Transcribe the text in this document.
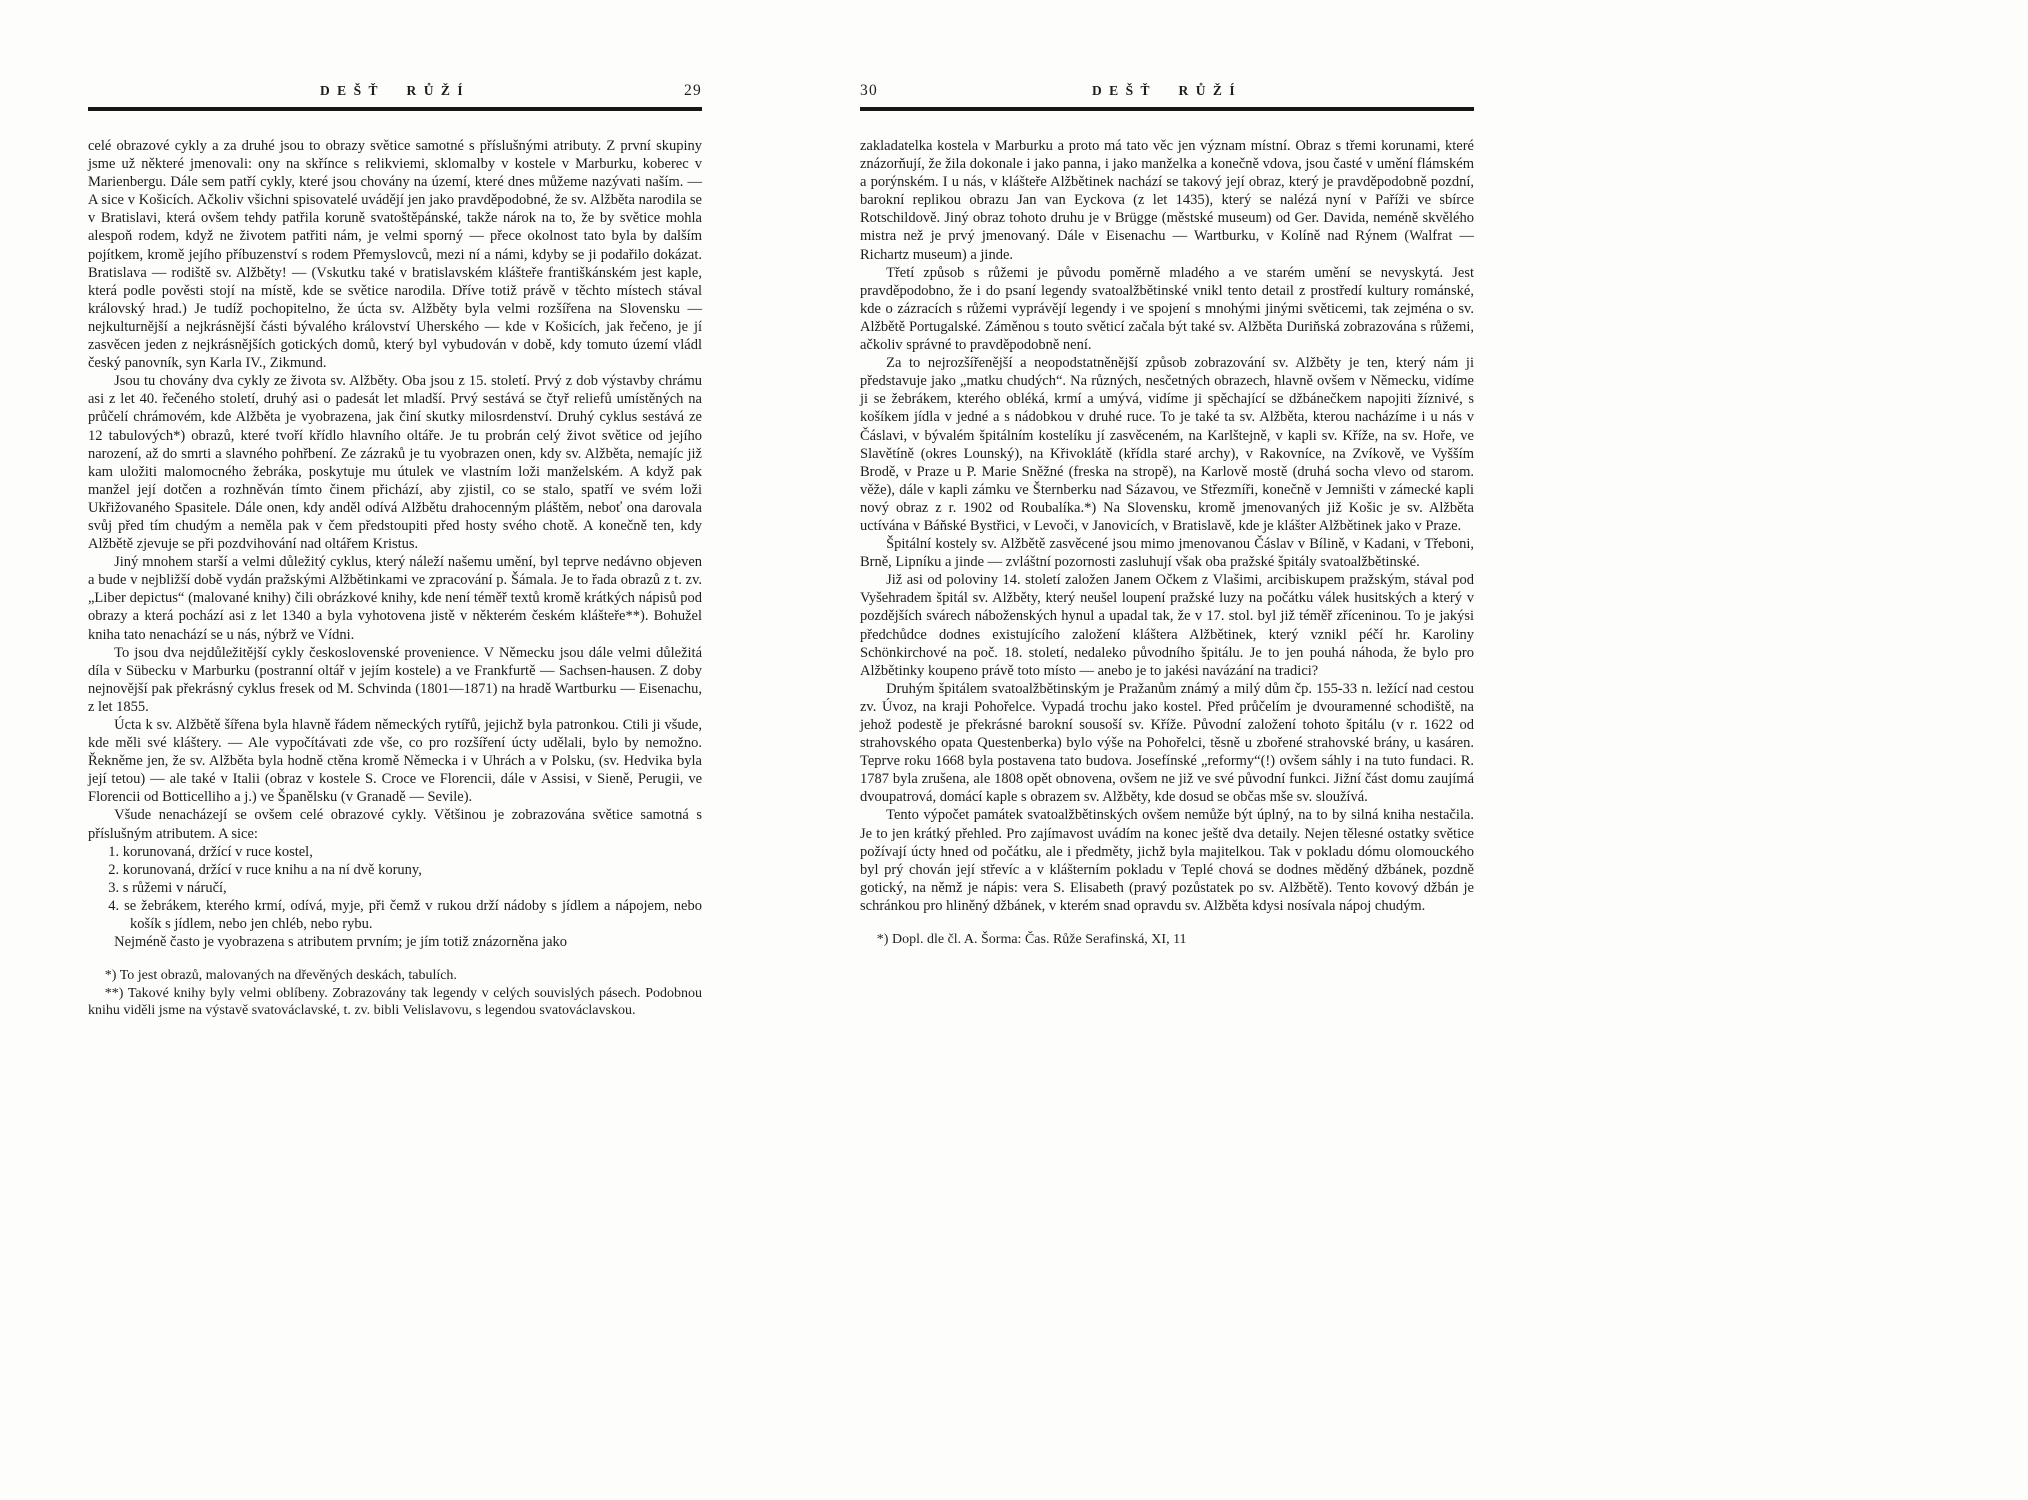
DEŠŤ RŮŽÍ	29

celé obrazové cykly a za druhé jsou to obrazy světice samotné s příslušnými atributy. Z první skupiny jsme už některé jmenovali: ony na skřínce s relikviemi, sklomalby v kostele v Marburku, koberec v Marienbergu. Dále sem patří cykly, které jsou chovány na území, které dnes můžeme nazývati naším. — A sice v Košicích. Ačkoliv všichni spisovatelé uvádějí jen jako pravděpodobné, že sv. Alžběta narodila se v Bratislavi, která ovšem tehdy patřila koruně svatoštěpánské, takže nárok na to, že by světice mohla alespoň rodem, když ne životem patřiti nám, je velmi sporný — přece okolnost tato byla by dalším pojítkem, kromě jejího příbuzenství s rodem Přemyslovců, mezi ní a námi, kdyby se ji podařilo dokázat. Bratislava — rodiště sv. Alžběty! — (Vskutku také v bratislavském klášteře františkánském jest kaple, která podle pověsti stojí na místě, kde se světice narodila. Dříve totiž právě v těchto místech stával královský hrad.) Je tudíž pochopitelno, že úcta sv. Alžběty byla velmi rozšířena na Slovensku — nejkulturnější a nejkrásnější části bývalého království Uherského — kde v Košicích, jak řečeno, je jí zasvěcen jeden z nejkrásnějších gotických domů, který byl vybudován v době, kdy tomuto území vládl český panovník, syn Karla IV., Zikmund.

Jsou tu chovány dva cykly ze života sv. Alžběty. Oba jsou z 15. století. Prvý z dob výstavby chrámu asi z let 40. řečeného století, druhý asi o padesát let mladší. Prvý sestává se čtyř reliefů umístěných na průčelí chrámovém, kde Alžběta je vyobrazena, jak činí skutky milosrdenství. Druhý cyklus sestává ze 12 tabulových*) obrazů, které tvoří křídlo hlavního oltáře. Je tu probrán celý život světice od jejího narození, až do smrti a slavného pohřbení. Ze zázraků je tu vyobrazen onen, kdy sv. Alžběta, nemajíc již kam uložiti malomocného žebráka, poskytuje mu útulek ve vlastním loži manželském. A když pak manžel její dotčen a rozhněván tímto činem přichází, aby zjistil, co se stalo, spatří ve svém loži Ukřižovaného Spasitele. Dále onen, kdy anděl odívá Alžbětu drahocenným pláštěm, neboť ona darovala svůj před tím chudým a neměla pak v čem předstoupiti před hosty svého chotě. A konečně ten, kdy Alžbětě zjevuje se při pozdvihování nad oltářem Kristus.

Jiný mnohem starší a velmi důležitý cyklus, který náleží našemu umění, byl teprve nedávno objeven a bude v nejbližší době vydán pražskými Alžbětinkami ve zpracování p. Šámala. Je to řada obrazů z t. zv. „Liber depictus“ (malované knihy) čili obrázkové knihy, kde není téměř textů kromě krátkých nápisů pod obrazy a která pochází asi z let 1340 a byla vyhotovena jistě v některém českém klášteře**). Bohužel kniha tato nenachází se u nás, nýbrž ve Vídni.

To jsou dva nejdůležitější cykly československé provenience. V Německu jsou dále velmi důležitá díla v Sübecku v Marburku (postranní oltář v jejím kostele) a ve Frankfurtě — Sachsen-hausen. Z doby nejnovější pak překrásný cyklus fresek od M. Schvinda (1801—1871) na hradě Wartburku — Eisenachu, z let 1855.

Úcta k sv. Alžbětě šířena byla hlavně řádem německých rytířů, jejichž byla patronkou. Ctili ji všude, kde měli své kláštery. — Ale vypočítávati zde vše, co pro rozšíření úcty udělali, bylo by nemožno. Řekněme jen, že sv. Alžběta byla hodně ctěna kromě Německa i v Uhrách a v Polsku, (sv. Hedvika byla její tetou) — ale také v Italii (obraz v kostele S. Croce ve Florencii, dále v Assisi, v Sieně, Perugii, ve Florencii od Botticelliho a j.) ve Španělsku (v Granadě — Sevile).

Všude nenacházejí se ovšem celé obrazové cykly. Většinou je zobrazována světice samotná s příslušným atributem. A sice:

1. korunovaná, držící v ruce kostel,

2. korunovaná, držící v ruce knihu a na ní dvě koruny,

3. s růžemi v náručí,

4. se žebrákem, kterého krmí, odívá, myje, při čemž v rukou drží nádoby s jídlem a nápojem, nebo košík s jídlem, nebo jen chléb, nebo rybu.

Nejméně často je vyobrazena s atributem prvním; je jím totiž znázorněna jako

*) To jest obrazů, malovaných na dřevěných deskách, tabulích.

**) Takové knihy byly velmi oblíbeny. Zobrazovány tak legendy v celých souvislých pásech. Podobnou knihu viděli jsme na výstavě svatováclavské, t. zv. bibli Velislavovu, s legendou svatováclavskou.

30	DEŠŤ RŮŽÍ

zakladatelka kostela v Marburku a proto má tato věc jen význam místní. Obraz s třemi korunami, které znázorňují, že žila dokonale i jako panna, i jako manželka a konečně vdova, jsou časté v umění flámském a porýnském. I u nás, v klášteře Alžbětinek nachází se takový její obraz, který je pravděpodobně pozdní, barokní replikou obrazu Jan van Eyckova (z let 1435), který se nalézá nyní v Paříži ve sbírce Rotschildově. Jiný obraz tohoto druhu je v Brügge (městské museum) od Ger. Davida, neméně skvělého mistra než je prvý jmenovaný. Dále v Eisenachu — Wartburku, v Kolíně nad Rýnem (Walfrat — Richartz museum) a jinde.

Třetí způsob s růžemi je původu poměrně mladého a ve starém umění se nevyskytá. Jest pravděpodobno, že i do psaní legendy svatoalžbětinské vnikl tento detail z prostředí kultury románské, kde o zázracích s růžemi vyprávějí legendy i ve spojení s mnohými jinými světicemi, tak zejména o sv. Alžbětě Portugalské. Záměnou s touto světicí začala být také sv. Alžběta Duriňská zobrazována s růžemi, ačkoliv správné to pravděpodobně není.

Za to nejrozšířenější a neopodstatněnější způsob zobrazování sv. Alžběty je ten, který nám ji představuje jako „matku chudých“. Na různých, nesčetných obrazech, hlavně ovšem v Německu, vidíme ji se žebrákem, kterého obléká, krmí a umývá, vidíme ji spěchající se džbánečkem napojiti žíznivé, s košíkem jídla v jedné a s nádobkou v druhé ruce. To je také ta sv. Alžběta, kterou nacházíme i u nás v Čáslavi, v bývalém špitálním kostelíku jí zasvěceném, na Karlštejně, v kapli sv. Kříže, na sv. Hoře, ve Slavětíně (okres Lounský), na Křivoklátě (křídla staré archy), v Rakovníce, na Zvíkově, ve Vyšším Brodě, v Praze u P. Marie Sněžné (freska na stropě), na Karlově mostě (druhá socha vlevo od starom. věže), dále v kapli zámku ve Šternberku nad Sázavou, ve Střezmíři, konečně v Jemništi v zámecké kapli nový obraz z r. 1902 od Roubalíka.*) Na Slovensku, kromě jmenovaných již Košic je sv. Alžběta uctívána v Báňské Bystřici, v Levoči, v Janovicích, v Bratislavě, kde je klášter Alžbětinek jako v Praze.

Špitální kostely sv. Alžbětě zasvěcené jsou mimo jmenovanou Čáslav v Bílině, v Kadani, v Třeboni, Brně, Lipníku a jinde — zvláštní pozornosti zasluhují však oba pražské špitály svatoalžbětinské.

Již asi od poloviny 14. století založen Janem Očkem z Vlašimi, arcibiskupem pražským, stával pod Vyšehradem špitál sv. Alžběty, který neušel loupení pražské luzy na počátku válek husitských a který v pozdějších svárech náboženských hynul a upadal tak, že v 17. stol. byl již téměř zříceninou. To je jakýsi předchůdce dodnes existujícího založení kláštera Alžbětinek, který vznikl péčí hr. Karoliny Schönkirchové na poč. 18. století, nedaleko původního špitálu. Je to jen pouhá náhoda, že bylo pro Alžbětinky koupeno právě toto místo — anebo je to jakési navázání na tradici?

Druhým špitálem svatoalžbětinským je Pražanům známý a milý dům čp. 155-33 n. ležící nad cestou zv. Úvoz, na kraji Pohořelce. Vypadá trochu jako kostel. Před průčelím je dvouramenné schodiště, na jehož podestě je překrásné barokní sousoší sv. Kříže. Původní založení tohoto špitálu (v r. 1622 od strahovského opata Questenberka) bylo výše na Pohořelci, těsně u zbořené strahovské brány, u kasáren. Teprve roku 1668 byla postavena tato budova. Josefínské „reformy“(!) ovšem sáhly i na tuto fundaci. R. 1787 byla zrušena, ale 1808 opět obnovena, ovšem ne již ve své původní funkci. Jižní část domu zaujímá dvoupatrová, domácí kaple s obrazem sv. Alžběty, kde dosud se občas mše sv. sloužívá.

Tento výpočet památek svatoalžbětinských ovšem nemůže být úplný, na to by silná kniha nestačila. Je to jen krátký přehled. Pro zajímavost uvádím na konec ještě dva detaily. Nejen tělesné ostatky světice požívají úcty hned od počátku, ale i předměty, jichž byla majitelkou. Tak v pokladu dómu olomouckého byl prý chován její střevíc a v klášterním pokladu v Teplé chová se dodnes měděný džbánek, pozdně gotický, na němž je nápis: vera S. Elisabeth (pravý pozůstatek po sv. Alžbětě). Tento kovový džbán je schránkou pro hliněný džbánek, v kterém snad opravdu sv. Alžběta kdysi nosívala nápoj chudým.

*) Dopl. dle čl. A. Šorma: Čas. Růže Serafinská, XI, 11
